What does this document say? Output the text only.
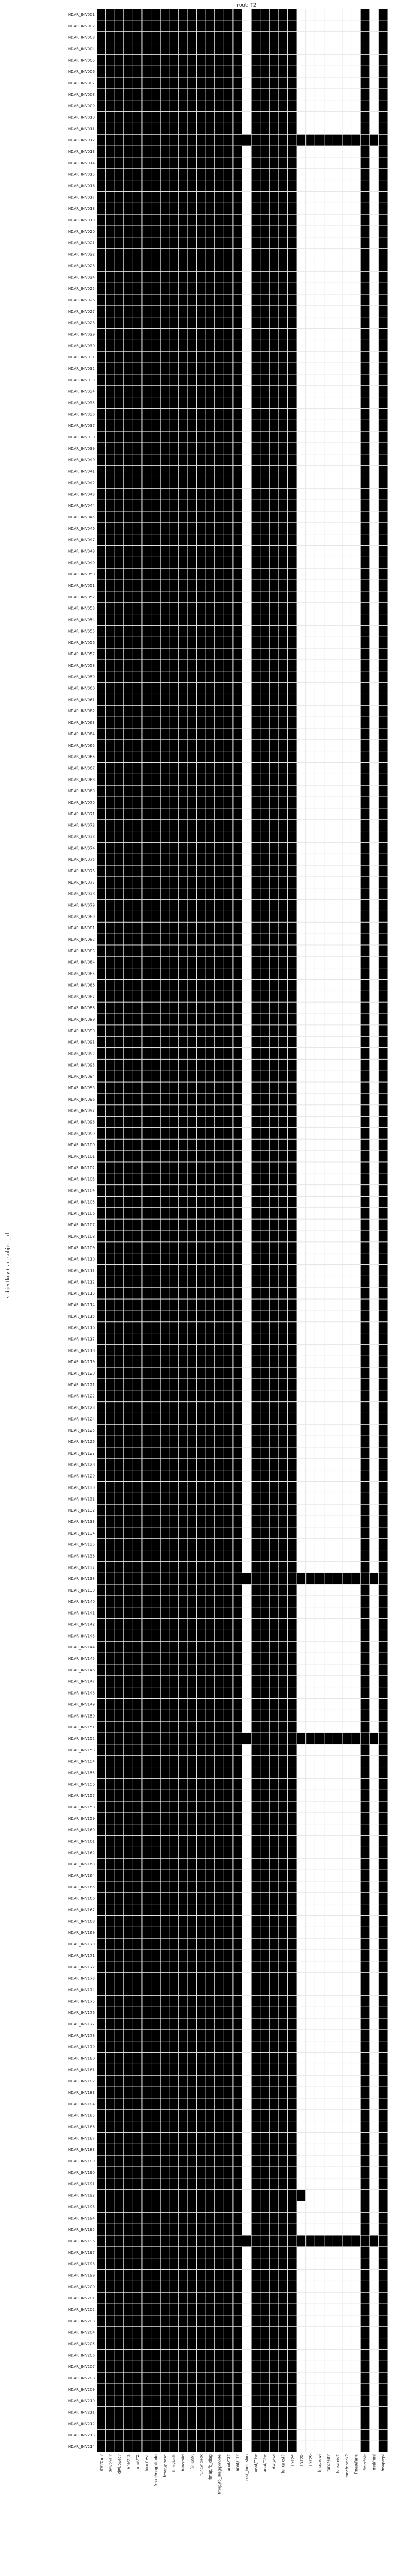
root: T2
subjectkey+src_subject_id
NDAR_INV001
NDAR_INV002
NDAR_INV003
NDAR_INV004
NDAR_INV005
NDAR_INV006
NDAR_INV007
NDAR_INV008
NDAR_INV009
NDAR_INV010
NDAR_INV011
NDAR_INV012
NDAR_INV013
NDAR_INV014
NDAR_INV015
NDAR_INV016
NDAR_INV017
NDAR_INV018
NDAR_INV019
NDAR_INV020
NDAR_INV021
NDAR_INV022
NDAR_INV023
NDAR_INV024
NDAR_INV025
NDAR_INV026
NDAR_INV027
NDAR_INV028
NDAR_INV029
NDAR_INV030
NDAR_INV031
NDAR_INV032
NDAR_INV033
NDAR_INV034
NDAR_INV035
NDAR_INV036
NDAR_INV037
NDAR_INV038
NDAR_INV039
NDAR_INV040
NDAR_INV041
NDAR_INV042
NDAR_INV043
NDAR_INV044
NDAR_INV045
NDAR_INV046
NDAR_INV047
NDAR_INV048
NDAR_INV049
NDAR_INV050
NDAR_INV051
NDAR_INV052
NDAR_INV053
NDAR_INV054
NDAR_INV055
NDAR_INV056
NDAR_INV057
NDAR_INV058
NDAR_INV059
NDAR_INV060
NDAR_INV061
NDAR_INV062
NDAR_INV063
NDAR_INV064
NDAR_INV065
NDAR_INV066
NDAR_INV067
NDAR_INV068
NDAR_INV069
NDAR_INV070
NDAR_INV071
NDAR_INV072
NDAR_INV073
NDAR_INV074
NDAR_INV075
NDAR_INV076
NDAR_INV077
NDAR_INV078
NDAR_INV079
NDAR_INV080
NDAR_INV081
NDAR_INV082
NDAR_INV083
NDAR_INV084
NDAR_INV085
NDAR_INV086
NDAR_INV087
NDAR_INV088
NDAR_INV089
NDAR_INV090
NDAR_INV091
NDAR_INV092
NDAR_INV093
NDAR_INV094
NDAR_INV095
NDAR_INV096
NDAR_INV097
NDAR_INV098
NDAR_INV099
NDAR_INV100
NDAR_INV101
NDAR_INV102
NDAR_INV103
NDAR_INV104
NDAR_INV105
NDAR_INV106
NDAR_INV107
NDAR_INV108
NDAR_INV109
NDAR_INV110
NDAR_INV111
NDAR_INV112
NDAR_INV113
NDAR_INV114
NDAR_INV115
NDAR_INV116
NDAR_INV117
NDAR_INV118
NDAR_INV119
NDAR_INV120
NDAR_INV121
NDAR_INV122
NDAR_INV123
NDAR_INV124
NDAR_INV125
NDAR_INV126
NDAR_INV127
NDAR_INV128
NDAR_INV129
NDAR_INV130
NDAR_INV131
NDAR_INV132
NDAR_INV133
NDAR_INV134
NDAR_INV135
NDAR_INV136
NDAR_INV137
NDAR_INV138
NDAR_INV139
NDAR_INV140
NDAR_INV141
NDAR_INV142
NDAR_INV143
NDAR_INV144
NDAR_INV145
NDAR_INV146
NDAR_INV147
NDAR_INV148
NDAR_INV149
NDAR_INV150
NDAR_INV151
NDAR_INV152
NDAR_INV153
NDAR_INV154
NDAR_INV155
NDAR_INV156
NDAR_INV157
NDAR_INV158
NDAR_INV159
NDAR_INV160
NDAR_INV161
NDAR_INV162
NDAR_INV163
NDAR_INV164
NDAR_INV165
NDAR_INV166
NDAR_INV167
NDAR_INV168
NDAR_INV169
NDAR_INV170
NDAR_INV171
NDAR_INV172
NDAR_INV173
NDAR_INV174
NDAR_INV175
NDAR_INV176
NDAR_INV177
NDAR_INV178
NDAR_INV179
NDAR_INV180
NDAR_INV181
NDAR_INV182
NDAR_INV183
NDAR_INV184
NDAR_INV185
NDAR_INV186
NDAR_INV187
NDAR_INV188
NDAR_INV189
NDAR_INV190
NDAR_INV191
NDAR_INV192
NDAR_INV193
NDAR_INV194
NDAR_INV195
NDAR_INV196
NDAR_INV197
NDAR_INV198
NDAR_INV199
NDAR_INV200
NDAR_INV201
NDAR_INV202
NDAR_INV203
NDAR_INV204
NDAR_INV205
NDAR_INV206
NDAR_INV207
NDAR_INV208
NDAR_INV209
NDAR_INV210
NDAR_INV211
NDAR_INV212
NDAR_INV213
NDAR_INV214
dwi/dwi? dwi/bval? dwi/bvec? anat/T1 anat/T2 func/rest fmap/magnitude fmap/phase func/task func/mid func/sst func/nback fmap/fb_diag fmap/fb_diag/pmode anat/T2? anat/T1? rest_inclusion anat/T1w anat/T2w dwi/dwi func/rest? anat/4 anat/5 anat/6 fmap/dwi func/sst? func/mid? func/nback? fmap/func flair/flair mni/mni fmap/epi
